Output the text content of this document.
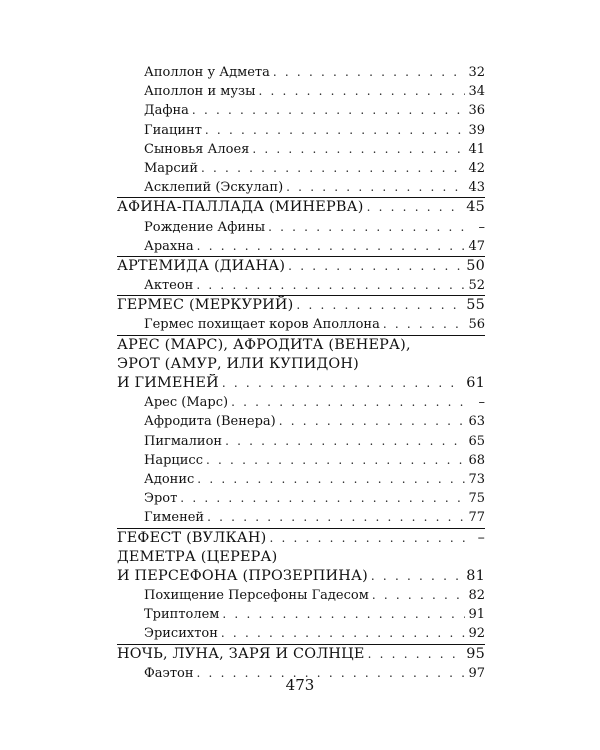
Аполлон у Адмета . . .	32
Аполлон и музы . . .	34
Дафна . . .	36
Гиацинт . . .	39
Сыновья Алоея . . .	41
Марсий . . .	42
Асклепий (Эскулап) . . .	43
АФИНА-ПАЛЛАДА (МИНЕРВА) . . .	45
Рождение Афины . . .	–
Арахна . . .	47
АРТЕМИДА (ДИАНА) . . .	50
Актеон . . .	52
ГЕРМЕС (МЕРКУРИЙ) . . .	55
Гермес похищает коров Аполлона . . .	56
АРЕС (МАРС), АФРОДИТА (ВЕНЕРА),
ЭРОТ (АМУР, ИЛИ КУПИДОН)
И ГИМЕНЕЙ . . .	61
Арес (Марс) . . .	–
Афродита (Венера) . . .	63
Пигмалион . . .	65
Нарцисс . . .	68
Адонис . . .	73
Эрот . . .	75
Гименей . . .	77
ГЕФЕСТ (ВУЛКАН) . . .	–
ДЕМЕТРА (ЦЕРЕРА)
И ПЕРСЕФОНА (ПРОЗЕРПИНА) . . .	81
Похищение Персефоны Гадесом . . .	82
Триптолем . . .	91
Эрисихтон . . .	92
НОЧЬ, ЛУНА, ЗАРЯ И СОЛНЦЕ . . .	95
Фаэтон . . .	97
473
